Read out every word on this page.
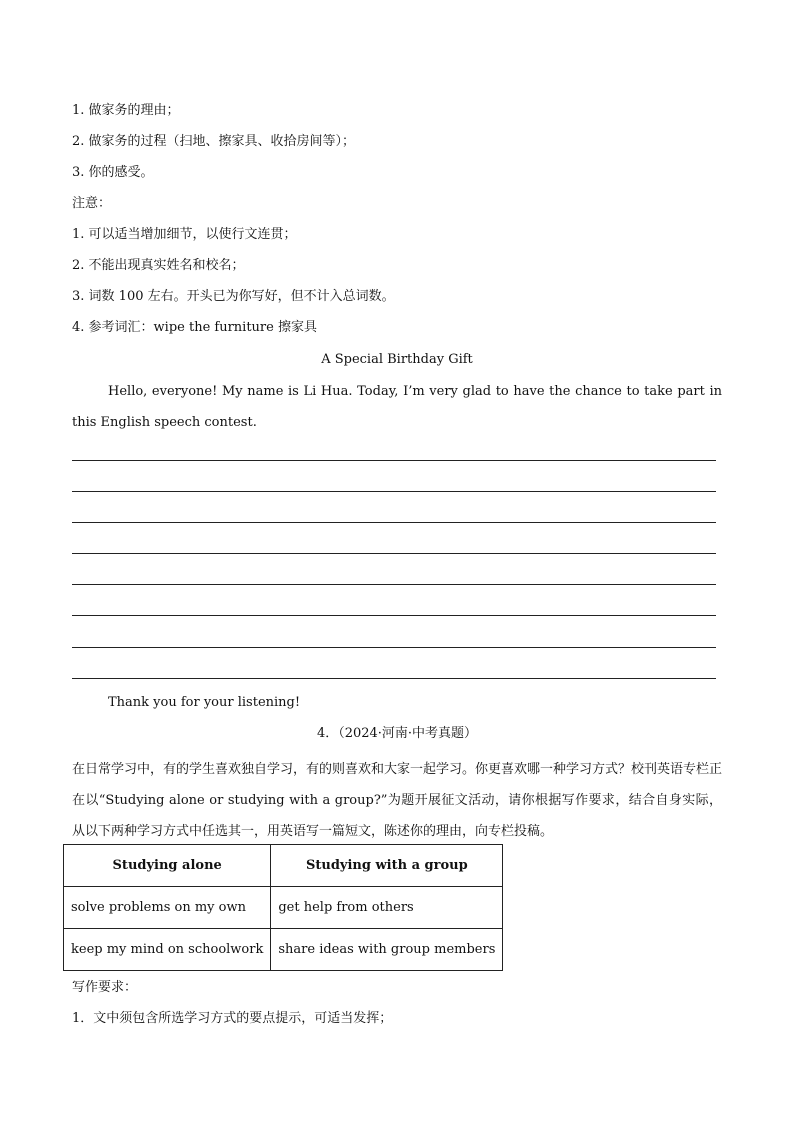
1. 做家务的理由；
2. 做家务的过程（扫地、擦家具、收拾房间等）；
3. 你的感受。
注意：
1. 可以适当增加细节，以使行文连贯；
2. 不能出现真实姓名和校名；
3. 词数 100 左右。开头已为你写好，但不计入总词数。
4. 参考词汇：wipe the furniture 擦家具
A Special Birthday Gift
Hello, everyone! My name is Li Hua. Today, I’m very glad to have the chance to take part in this English speech contest.
Thank you for your listening!
4．（2024·河南·中考真题）
在日常学习中，有的学生喜欢独自学习，有的则喜欢和大家一起学习。你更喜欢哪一种学习方式？校刊英语专栏正在以“Studying alone or studying with a group?”为题开展征文活动，请你根据写作要求，结合自身实际，从以下两种学习方式中任选其一，用英语写一篇短文，陈述你的理由，向专栏投稿。
Studying alone	Studying with a group
solve problems on my own	get help from others
keep my mind on schoolwork	share ideas with group members
写作要求：
1．文中须包含所选学习方式的要点提示，可适当发挥；
